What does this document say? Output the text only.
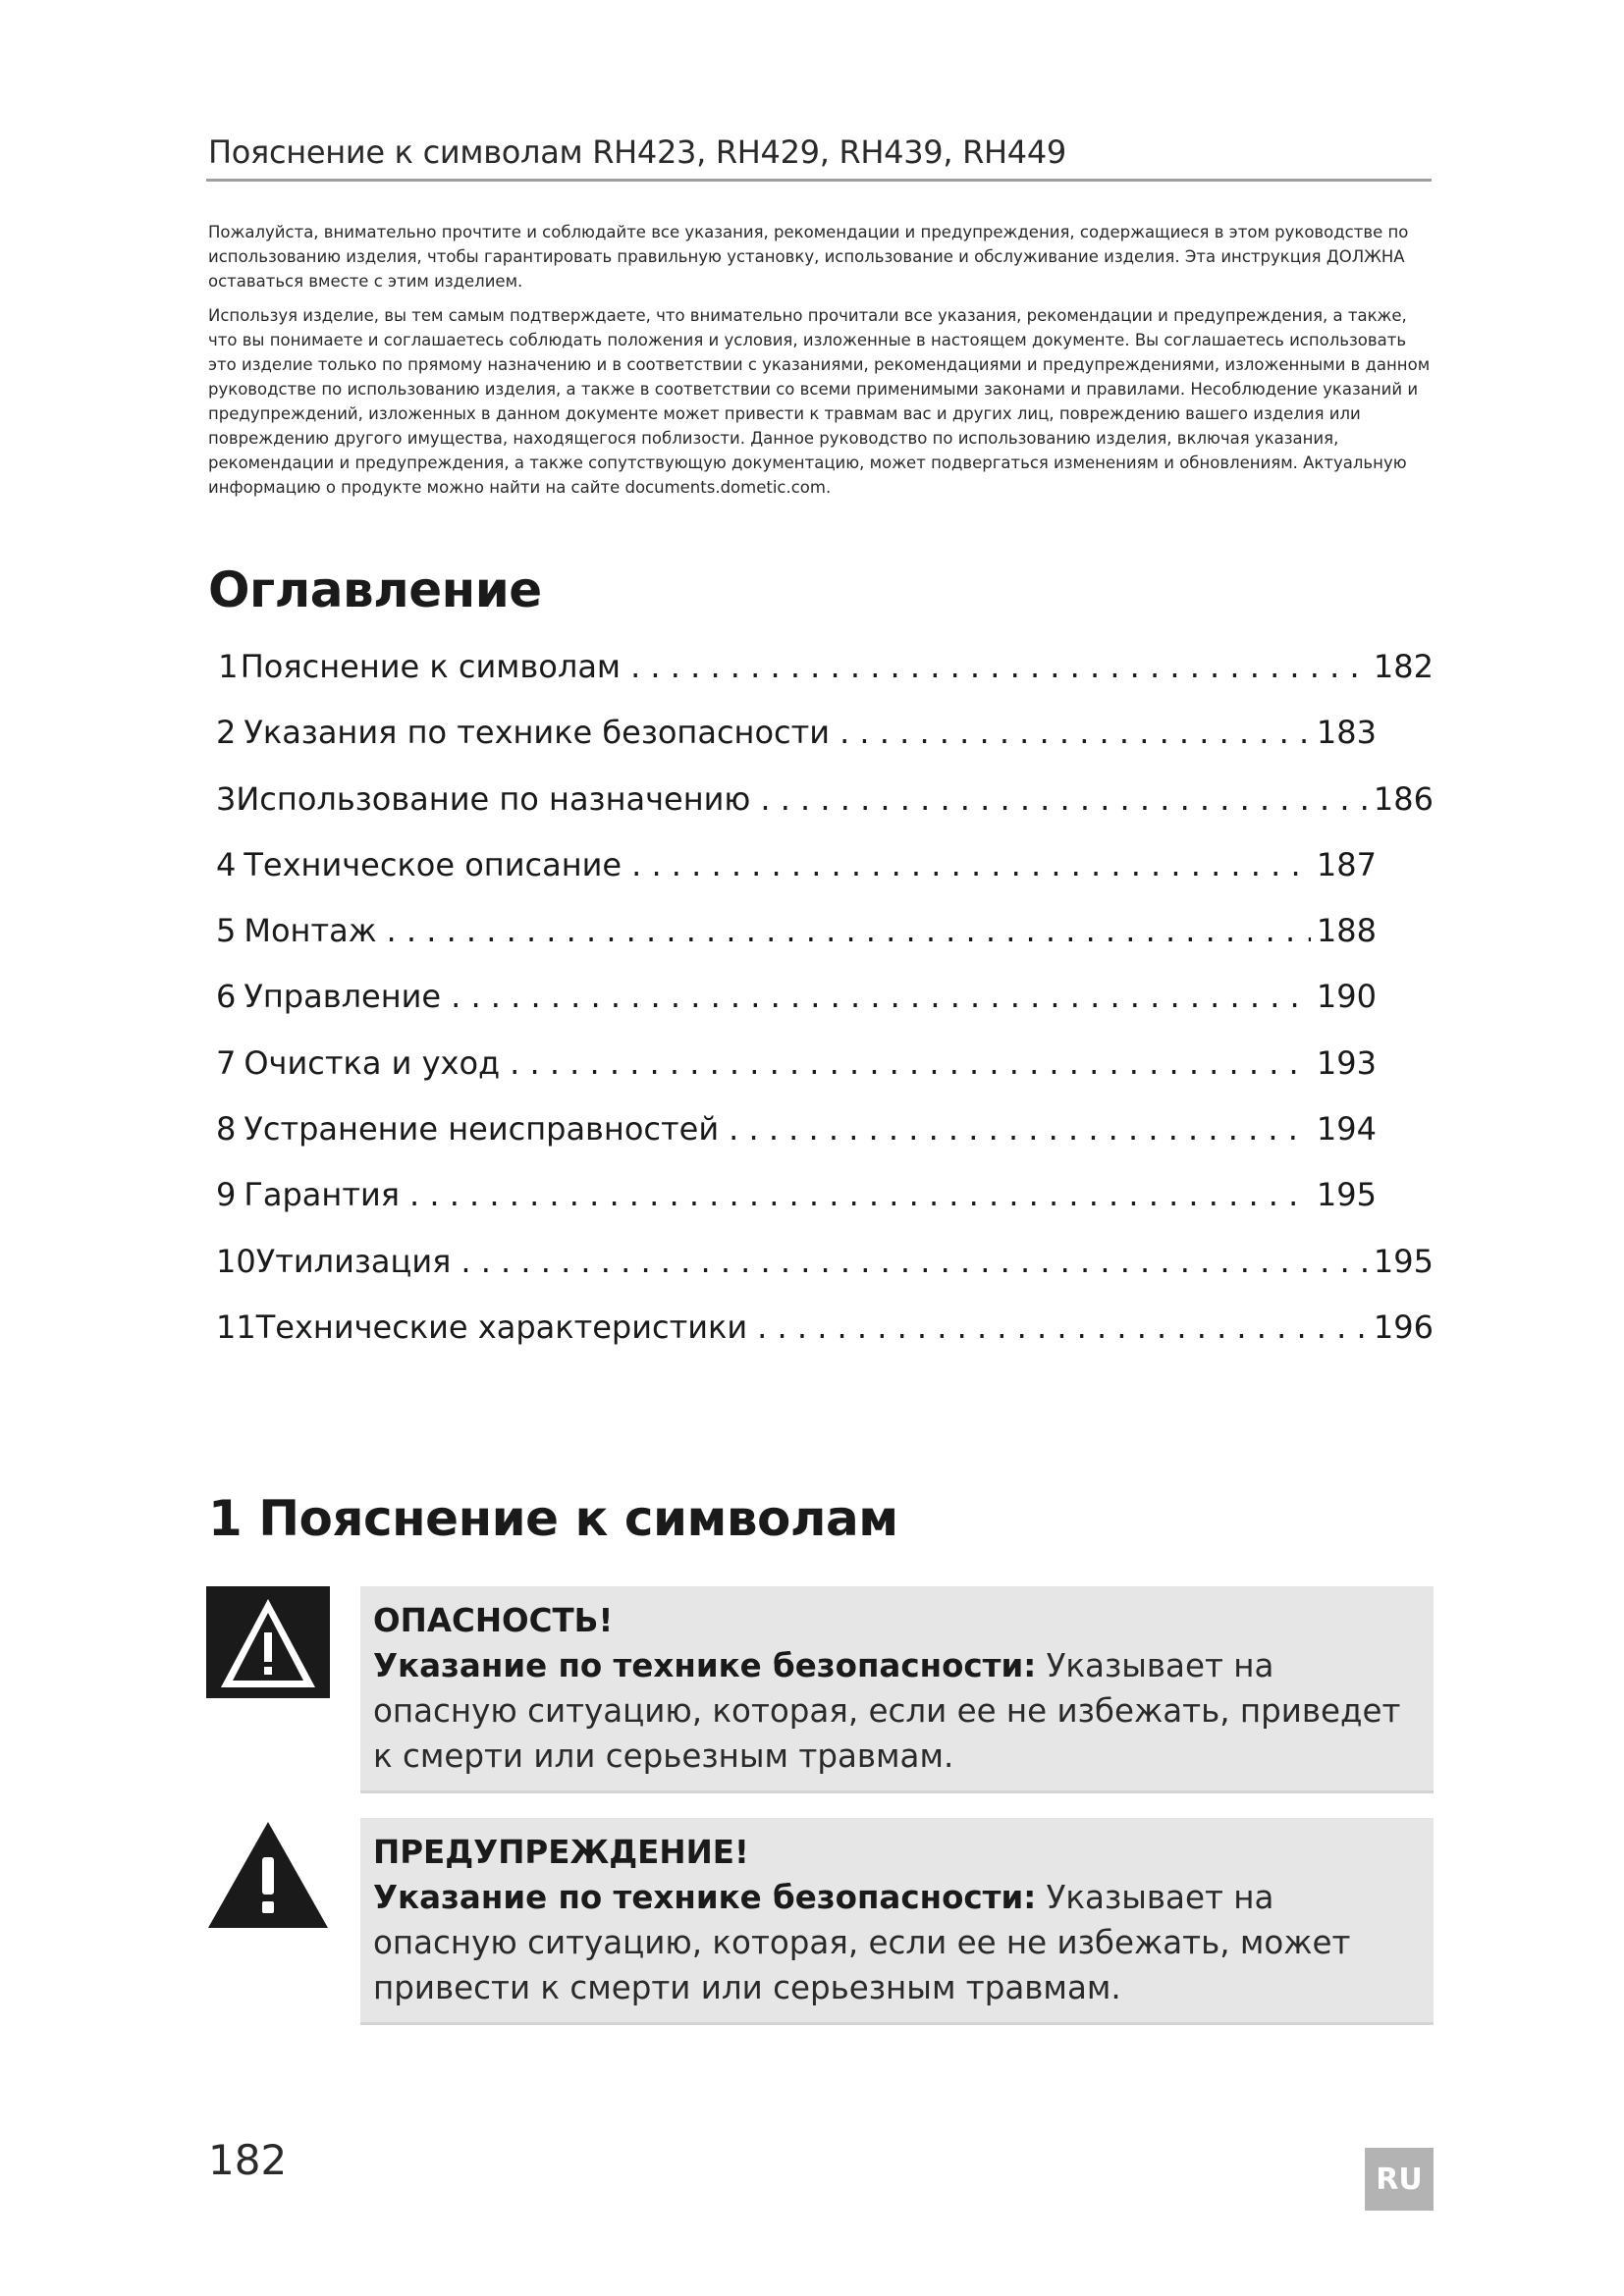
Пояснение к символам RH423, RH429, RH439, RH449

Пожалуйста, внимательно прочтите и соблюдайте все указания, рекомендации и предупреждения, содержащиеся в этом руководстве по использованию изделия, чтобы гарантировать правильную установку, использование и обслуживание изделия. Эта инструкция ДОЛЖНА оставаться вместе с этим изделием.

Используя изделие, вы тем самым подтверждаете, что внимательно прочитали все указания, рекомендации и предупреждения, а также, что вы понимаете и соглашаетесь соблюдать положения и условия, изложенные в настоящем документе. Вы соглашаетесь использовать это изделие только по прямому назначению и в соответствии с указаниями, рекомендациями и предупреждениями, изложенными в данном руководстве по использованию изделия, а также в соответствии со всеми применимыми законами и правилами. Несоблюдение указаний и предупреждений, изложенных в данном документе может привести к травмам вас и других лиц, повреждению вашего изделия или повреждению другого имущества, находящегося поблизости. Данное руководство по использованию изделия, включая указания, рекомендации и предупреждения, а также сопутствующую документацию, может подвергаться изменениям и обновлениям. Актуальную информацию о продукте можно найти на сайте documents.dometic.com.

Оглавление
1 Пояснение к символам . . .	182
2 Указания по технике безопасности . . .	183
3 Использование по назначению . . .	186
4 Техническое описание . . .	187
5 Монтаж . . .	188
6 Управление . . .	190
7 Очистка и уход . . .	193
8 Устранение неисправностей . . .	194
9 Гарантия . . .	195
10 Утилизация . . .	195
11 Технические характеристики . . .	196
1 Пояснение к символам
ОПАСНОСТЬ!
Указание по технике безопасности: Указывает на опасную ситуацию, которая, если ее не избежать, приведет к смерти или серьезным травмам.
ПРЕДУПРЕЖДЕНИЕ!
Указание по технике безопасности: Указывает на опасную ситуацию, которая, если ее не избежать, может привести к смерти или серьезным травмам.
182	RU
